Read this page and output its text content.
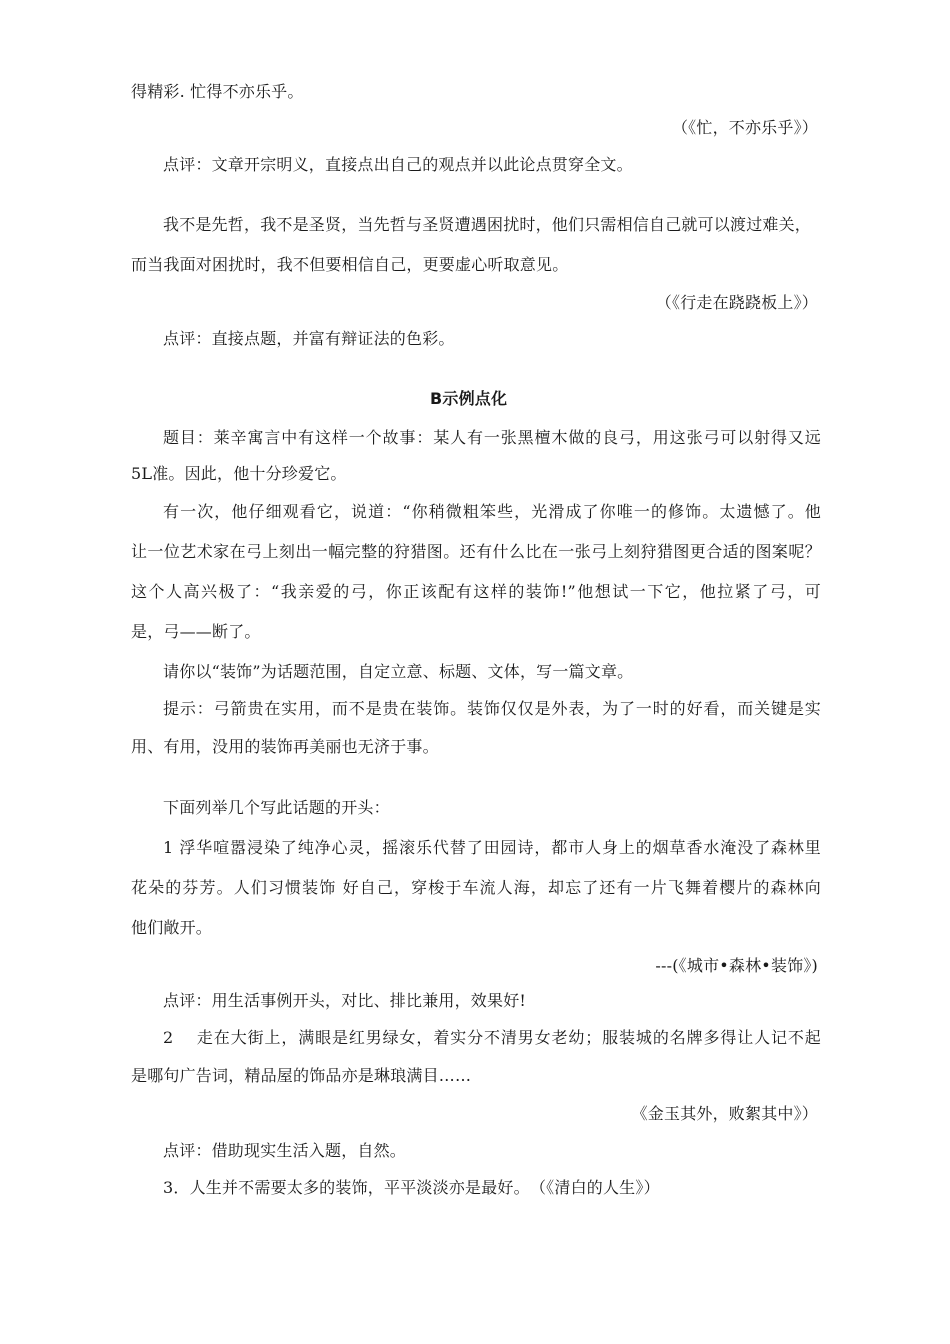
得精彩. 忙得不亦乐乎。
（《忙，不亦乐乎》）
点评：文章开宗明义，直接点出自己的观点并以此论点贯穿全文。
我不是先哲，我不是圣贤，当先哲与圣贤遭遇困扰时，他们只需相信自己就可以渡过难关，
而当我面对困扰时，我不但要相信自己，更要虚心听取意见。
（《行走在跷跷板上》）
点评：直接点题，并富有辩证法的色彩。
B示例点化
题目：莱辛寓言中有这样一个故事：某人有一张黑檀木做的良弓，用这张弓可以射得又远
5L准。因此，他十分珍爱它。
有一次，他仔细观看它，说道：“你稍微粗笨些，光滑成了你唯一的修饰。太遗憾了。他
让一位艺术家在弓上刻出一幅完整的狩猎图。还有什么比在一张弓上刻狩猎图更合适的图案呢？
这个人高兴极了：“我亲爱的弓，你正该配有这样的装饰!”他想试一下它，他拉紧了弓，可
是，弓——断了。
请你以“装饰”为话题范围，自定立意、标题、文体，写一篇文章。
提示：弓箭贵在实用，而不是贵在装饰。装饰仅仅是外表，为了一时的好看，而关键是实
用、有用，没用的装饰再美丽也无济于事。
下面列举几个写此话题的开头：
1 浮华喧嚣浸染了纯净心灵，摇滚乐代替了田园诗，都市人身上的烟草香水淹没了森林里
花朵的芬芳。人们习惯装饰 好自己，穿梭于车流人海，却忘了还有一片飞舞着樱片的森林向
他们敞开。
---(《城市•森林•装饰》)
点评：用生活事例开头，对比、排比兼用，效果好!
2　 走在大街上，满眼是红男绿女，着实分不清男女老幼；服装城的名牌多得让人记不起
是哪句广告词，精品屋的饰品亦是琳琅满目……
《金玉其外，败絮其中》）
点评：借助现实生活入题，自然。
3．人生并不需要太多的装饰，平平淡淡亦是最好。　（《清白的人生》）
